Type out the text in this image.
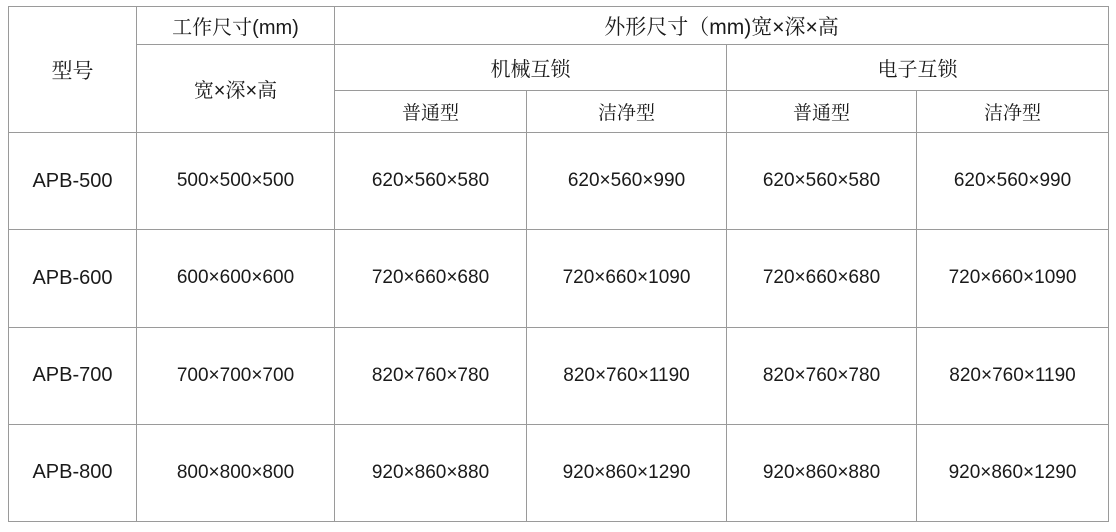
型号	工作尺寸(mm)	外形尺寸（mm)宽×深×高			
	宽×深×高	机械互锁		电子互锁	
		普通型	洁净型	普通型	洁净型
APB-500	500×500×500	620×560×580	620×560×990	620×560×580	620×560×990
APB-600	600×600×600	720×660×680	720×660×1090	720×660×680	720×660×1090
APB-700	700×700×700	820×760×780	820×760×1190	820×760×780	820×760×1190
APB-800	800×800×800	920×860×880	920×860×1290	920×860×880	920×860×1290
